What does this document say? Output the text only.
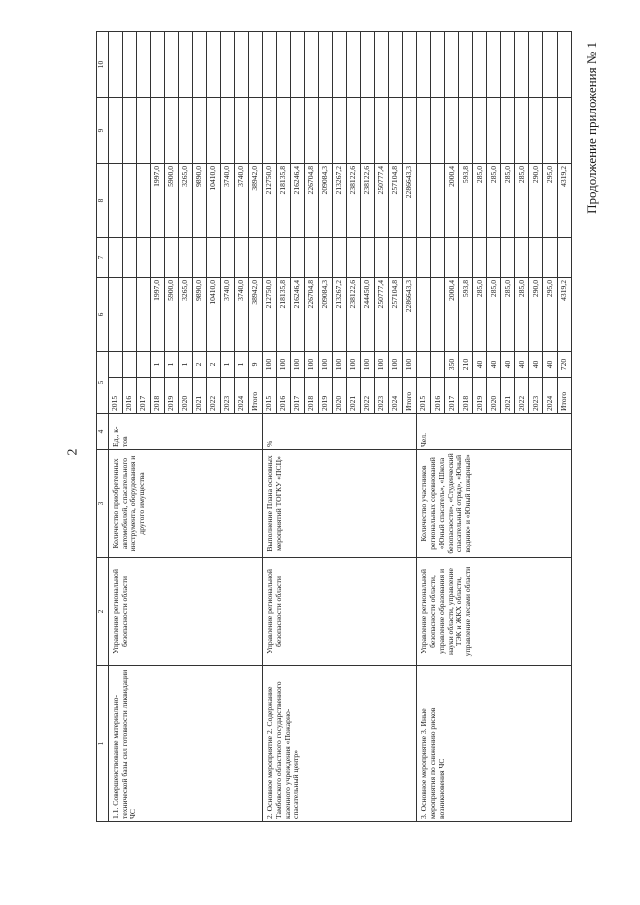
2
1	2	3	4	5		6	7	8	9	10
1.1. Совершенствование материально-технической базы сил готовности ликвидации ЧС	Управление региональной безопасности области	Количество приобретенных автомобилей, спасательного инструмента, оборудования и другого имущества	Ед., к-тов	2015						
				2016						
				2017						
				2018	1	1997,0		1997,0		
				2019	1	5900,0		5900,0		
				2020	1	3265,0		3265,0		
				2021	2	9890,0		9890,0		
				2022	2	10410,0		10410,0		
				2023	1	3740,0		3740,0		
				2024	1	3740,0		3740,0		
				Итого	9	38942,0		38942,0		
2. Основное мероприятие 2. Содержание Тамбовского областного государственного казенного учреждения «Пожарно-спасательный центр»	Управление региональной безопасности области	Выполнение Плана основных мероприятий ТОГКУ «ПСЦ»	%	2015	100	212750,0		212750,0		
				2016	100	218135,8		218135,8		
				2017	100	216246,4		216246,4		
				2018	100	226704,8		226704,8		
				2019	100	209084,3		209084,3		
				2020	100	213267,2		213267,2		
				2021	100	238122,6		238122,6		
				2022	100	244450,0		238122,6		
				2023	100	250777,4		250777,4		
				2024	100	257104,8		257104,8		
				Итого	100	2286643,3		2286643,3		
3. Основное мероприятие 3. Иные мероприятия по снижению рисков возникновения ЧС	Управление региональной безопасности области, управление образования и науки области, управление ТЭК и ЖКХ области, управление лесами области	Количество участников региональных соревнований «Юный спасатель», «Школа безопасности», «Студенческий спасательный отряд», «Юный водник» и «Юный пожарный»	Чел.	2015						
				2016						
				2017	350	2000,4		2000,4		
				2018	210	593,8		593,8		
				2019	40	285,0		285,0		
				2020	40	285,0		285,0		
				2021	40	285,0		285,0		
				2022	40	285,0		285,0		
				2023	40	290,0		290,0		
				2024	40	295,0		295,0		
				Итого	720	4319,2		4319,2		Продолжение приложения № 1
